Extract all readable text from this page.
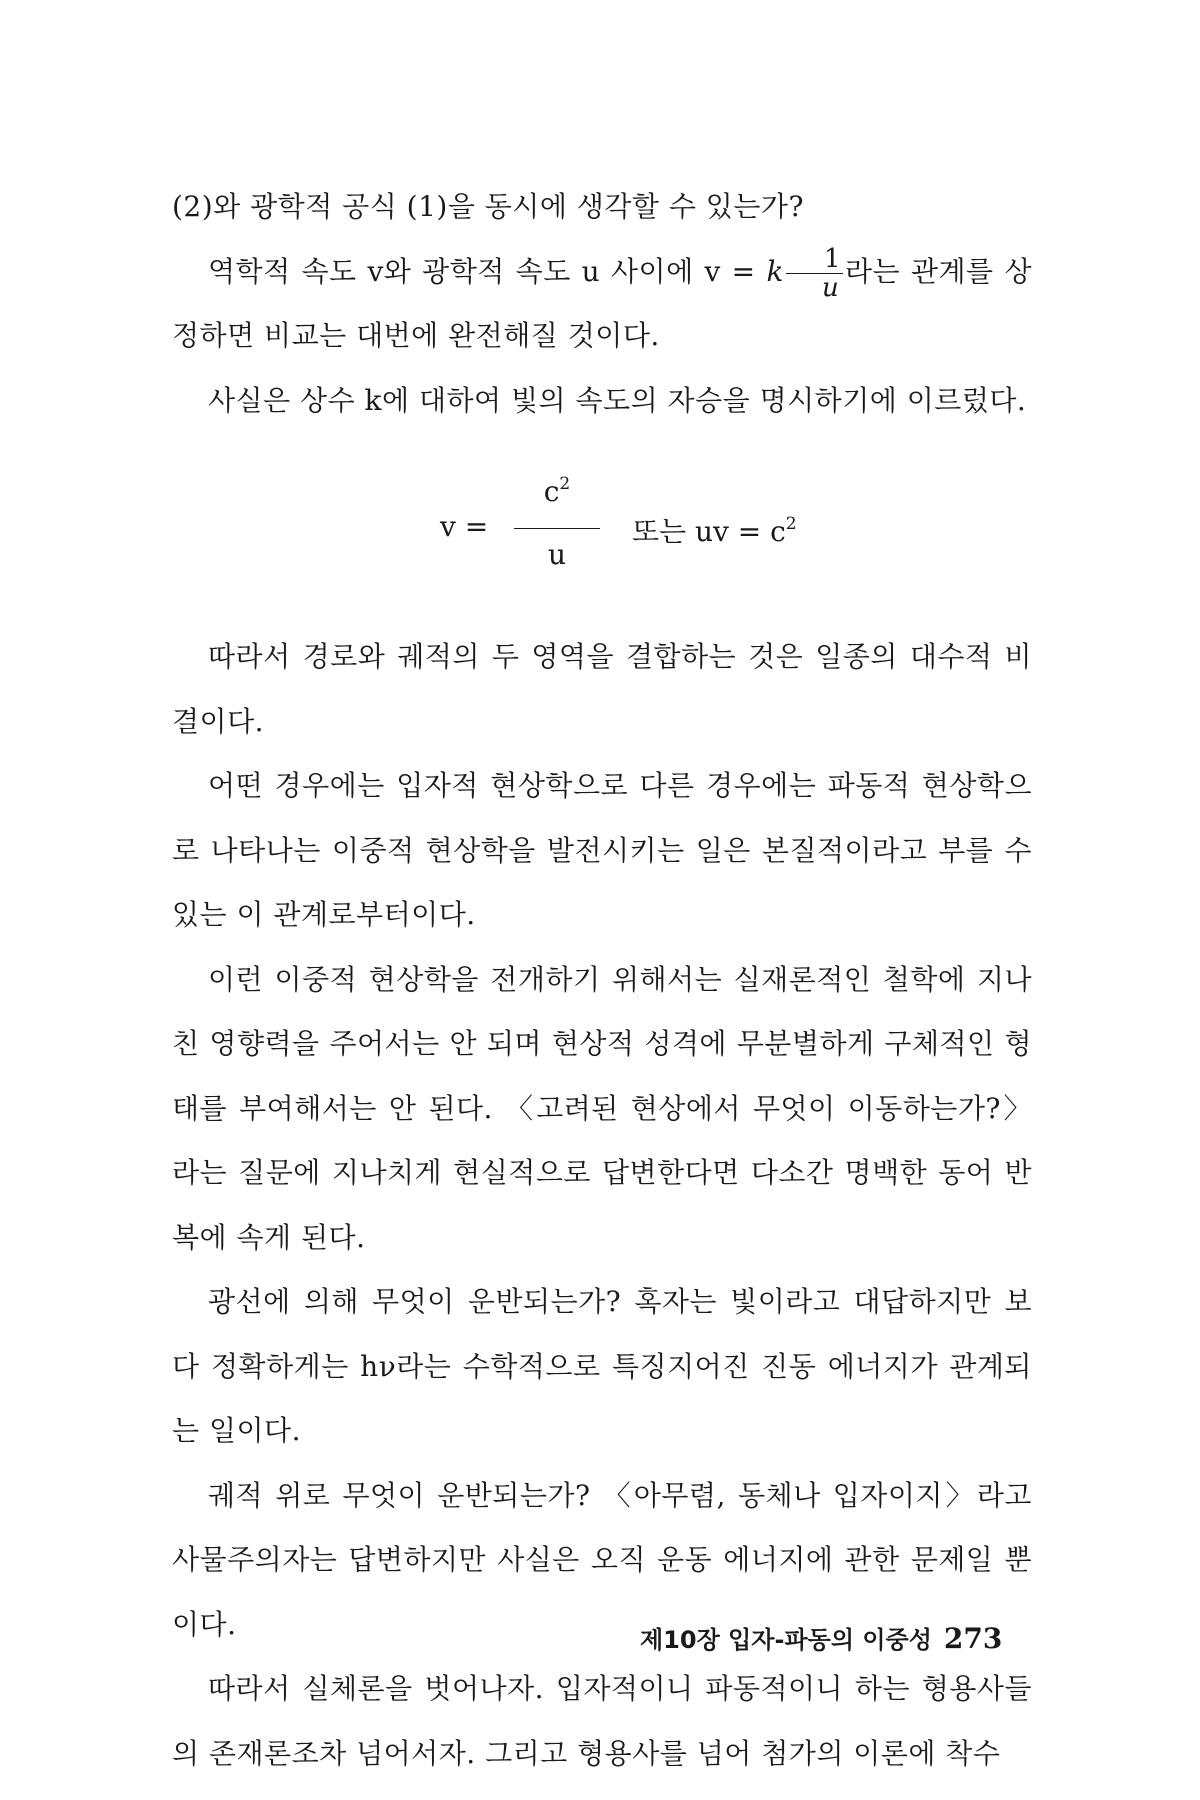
(2)와 광학적 공식 (1)을 동시에 생각할 수 있는가?

역학적 속도 v와 광학적 속도 u 사이에 v = k $\frac{1}{u}$ 라는 관계를 상정하면 비교는 대번에 완전해질 것이다.

사실은 상수 k에 대하여 빛의 속도의 자승을 명시하기에 이르렀다.

v =
$c^2$
u
또는 uv = $c^2$

따라서 경로와 궤적의 두 영역을 결합하는 것은 일종의 대수적 비결이다.

어떤 경우에는 입자적 현상학으로 다른 경우에는 파동적 현상학으로 나타나는 이중적 현상학을 발전시키는 일은 본질적이라고 부를 수 있는 이 관계로부터이다.

이런 이중적 현상학을 전개하기 위해서는 실재론적인 철학에 지나친 영향력을 주어서는 안 되며 현상적 성격에 무분별하게 구체적인 형태를 부여해서는 안 된다. 〈고려된 현상에서 무엇이 이동하는가?〉라는 질문에 지나치게 현실적으로 답변한다면 다소간 명백한 동어 반복에 속게 된다.

광선에 의해 무엇이 운반되는가? 혹자는 빛이라고 대답하지만 보다 정확하게는 hν라는 수학적으로 특징지어진 진동 에너지가 관계되는 일이다.

궤적 위로 무엇이 운반되는가? 〈아무렴, 동체나 입자이지〉라고 사물주의자는 답변하지만 사실은 오직 운동 에너지에 관한 문제일 뿐이다.

따라서 실체론을 벗어나자. 입자적이니 파동적이니 하는 형용사들의 존재론조차 넘어서자. 그리고 형용사를 넘어 첨가의 이론에 착수

제10장 입자-파동의 이중성 273
